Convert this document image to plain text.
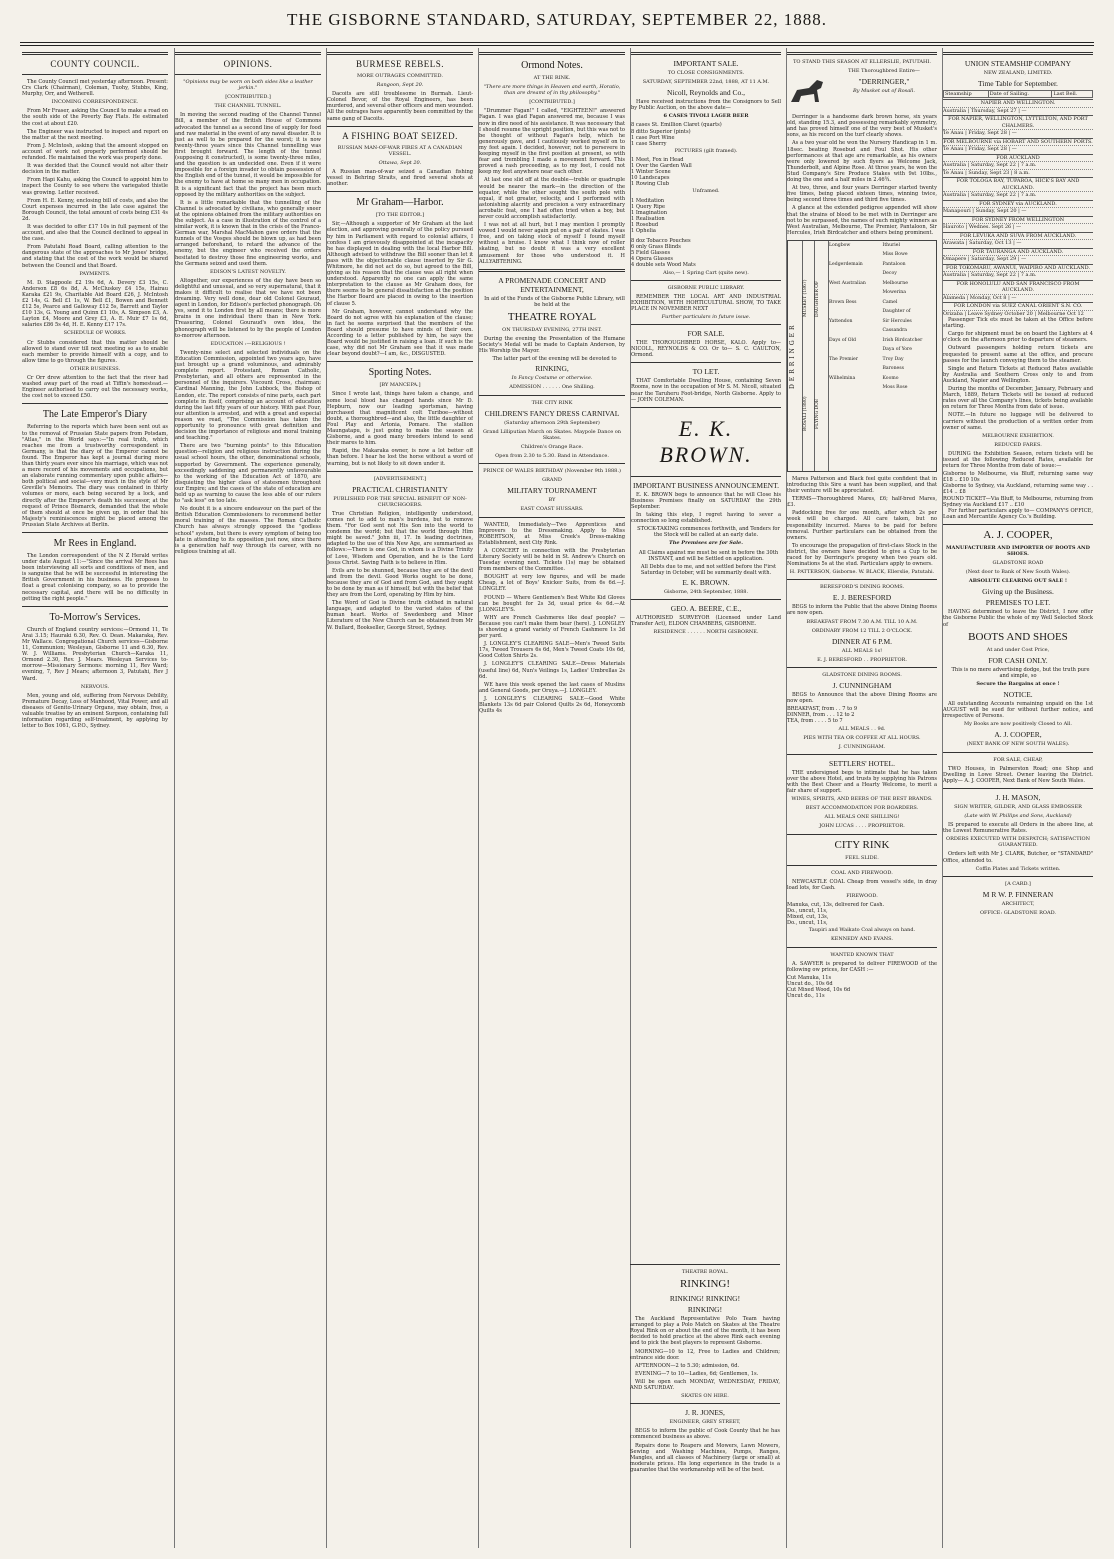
THE GISBORNE STANDARD, SATURDAY, SEPTEMBER 22, 1888.
COUNTY COUNCIL.

The County Council met yesterday afternoon. Present: Crs Clark (Chairman), Coleman, Tuohy, Stubbs, King, Murphy, Orr, and Wetherell.

INCOMING CORRESPONDENCE.

From Mr Fraser, asking the Council to make a road on the south side of the Poverty Bay Flats. He estimated the cost at about £20.

The Engineer was instructed to inspect and report on the matter at the next meeting.

From J. McIntosh, asking that the amount stopped on account of work not properly performed should be refunded. He maintained the work was properly done.

It was decided that the Council would not alter their decision in the matter.

From Hapi Kahu, asking the Council to appoint him to inspect the County to see where the variegated thistle was growing. Letter received.

From H. E. Kenny, enclosing bill of costs, and also the Court expenses incurred in the late case against the Borough Council, the total amount of costs being £31 4s 2d.

It was decided to offer £17 10s in full payment of the account, and also that the Council declined to appeal in the case.

From Patutahi Road Board, calling attention to the dangerous state of the approaches to Mr Jones' bridge, and stating that the cost of the work would be shared between the Council and that Board.

PAYMENTS.

M. D. Stagpoole £2 19s 6d, A. Devery £3 15s, C. Anderson £8 6s 8d, A. McCluskey £4 15s, Hairau Karaka £21 9s, Charitable Aid Board £26, J. McIntosh £2 14s, G. Bell £1 1s, W. Bell £1, Bowen and Bennett £12 5s, Pearce and Galloway £12 5s, Barrett and Taylor £10 13s, G. Young and Quinn £1 10s, A. Simpson £3, A. Layton £4, Moore and Grey £3, A. E. Muir £7 1s 6d, salaries £86 5s 4d, H. E. Kenny £17 17s.

SCHEDULE OF WORKS.

Cr Stubbs considered that this matter should be allowed to stand over till next meeting so as to enable each member to provide himself with a copy, and to allow time to go through the figures.

OTHER BUSINESS.

Cr Orr drew attention to the fact that the river had washed away part of the road at Tiffin's homestead.—Engineer authorised to carry out the necessary works, the cost not to exceed £50.

The Late Emperor's Diary

Referring to the reports which have been sent out as to the removal of Prussian State papers from Potsdam, "Atlas," in the World says:—"In real truth, which reaches me from a trustworthy correspondent in Germany, is that the diary of the Emperor cannot be found. The Emperor has kept a journal during more than thirty years ever since his marriage, which was not a mere record of his movements and occupations, but an elaborate running commentary upon public affairs—both political and social—very much in the style of Mr Greville's Memoirs. The diary was contained in thirty volumes or more, each being secured by a lock, and directly after the Emperor's death his successor, at the request of Prince Bismarck, demanded that the whole of them should at once be given up, in order that his Majesty's reminiscences might be placed among the Prussian State Archives at Berlin.

Mr Rees in England.

The London correspondent of the N Z Herald writes under date August 11:—"Since the arrival Mr Rees has been interviewing all sorts and conditions of men, and is sanguine that he will be successful in interesting the British Government in his business. He proposes to float a great colonising company, so as to provide the necessary capital, and there will be no difficulty in getting the right people."

To-Morrow's Services.

Church of England country services:—Ormond 11, Te Arai 3.15; Hauraki 6.30, Rev. O. Dean. Makaraka, Rev. Mr Wallace. Congregational Church services—Gisborne 11, Communion; Wesleyan, Gisborne 11 and 6.30, Rev. W. J. Williams. Presbyterian Church—Karaka 11, Ormond 2.30, Rev. J. Mears. Wesleyan Services to-morrow—Missionary Sermons: morning 11, Rev Ward; evening, 7, Rev J Mears; afternoon 3, Patutahi, Rev J Ward.

NERVOUS.

Men, young and old, suffering from Nervous Debility, Premature Decay, Loss of Manhood, Vital Power, and all diseases of Genito-Urinary Organs, may obtain, free, a valuable treatise by an eminent Surgeon, containing full information regarding self-treatment, by applying by letter to Box 1061, G.P.O., Sydney.

OPINIONS.
"Opinions may be worn on both sides like a leather jerkin."
[CONTRIBUTED.]
THE CHANNEL TUNNEL.

In moving the second reading of the Channel Tunnel Bill, a member of the British House of Commons advocated the tunnel as a second line of supply for food and raw material in the event of any naval disaster. It is just as well to be prepared for the worst; it is now twenty-three years since this Channel tunnelling was first brought forward. The length of the tunnel (supposing it constructed), is some twenty-three miles, and the question is an undecided one. Even if it were impossible for a foreign invader to obtain possession of the English end of the tunnel, it would be impossible for the enemy to have at home so many men in occupation. It is a significant fact that the project has been much opposed by the military authorities on the subject.

It is a little remarkable that the tunnelling of the Channel is advocated by civilians, who generally sneer at the opinions obtained from the military authorities on the subject. As a case in illustration of the control of a similar work, it is known that in the crisis of the Franco-German war, Marshal MacMahon gave orders that the tunnels of the Vosges should be blown up, as had been arranged beforehand, to retard the advance of the enemy, but the engineer who received the orders hesitated to destroy those fine engineering works, and the Germans seized and used them.

EDISON'S LATEST NOVELTY.

Altogether, our experiences of the day have been so delightful and unusual, and so very supernatural, that it makes it difficult to realise that we have not been dreaming. Very well done, dear old Colonel Gouraud, agent in London, for Edison's perfected phonograph. Oh yes, send it to London first by all means; there is more brains in one individual there than in New York. Treasuring, Colonel Gouraud's own idea, the phonograph will be listened to by the people of London to-morrow afternoon.

EDUCATION :—RELIGIOUS !

Twenty-nine select and selected individuals on the Education Commission, appointed two years ago, have just brought up a grand voluminous, and admirably complete report. Protestant, Roman Catholic, Presbyterian, and all others are represented in the personnel of the inquirers. Viscount Cross, chairman; Cardinal Manning, the John Lubbock, the Bishop of London, etc. The report consists of nine parts, each part complete in itself, comprising an account of education during the last fifty years of our history. With past Four, our attention is arrested, and with a great and especial reason we read, "The Commission has taken the opportunity to pronounce with great definition and decision the importance of religious and moral training and teaching."

There are two "burning points" to this Education question—religion and religious instruction during the usual school hours, the other, denominational schools, supported by Government. The experience generally, exceedingly saddening and permanently unfavourable to the working of the Education Act of 1870, are disquieting the higher class of statesmen throughout our Empire; and the cases of the state of education are held up as warning to cause the less able of our rulers to "ask less" on too late.

No doubt it is a sincere endeavour on the part of the British Education Commissioners to recommend better moral training of the masses. The Roman Catholic Church has always strongly opposed the "godless school" system, but there is every symptom of being too late in attending to its opposition just now, since there is a generation half way through its career, with no religious training at all.

BURMESE REBELS.
MORE OUTRAGES COMMITTED.
Rangoon, Sept 20.

Dacoits are still troublesome in Burmah. Lieut-Colonel Bevor, of the Royal Engineers, has been murdered, and several other officers and men wounded. All the outrages have apparently been committed by the same gang of Dacoits.

A FISHING BOAT SEIZED.
RUSSIAN MAN-OF-WAR FIRES AT A CANADIAN VESSEL.
Ottawa, Sept 20.

A Russian man-of-war seized a Canadian fishing vessel in Behring Straits, and fired several shots at another.

Mr Graham—Harbor.
[TO THE EDITOR.]

Sir,—Although a supporter of Mr Graham at the last election, and approving generally of the policy pursued by him in Parliament with regard to colonial affairs, I confess I am grievously disappointed at the incapacity he has displayed in dealing with the local Harbor Bill. Although advised to withdraw the Bill sooner than let it pass with the objectionable clause inserted by Sir G. Whitmore, he did not act do so, but agreed to the Bill, giving as his reason that the clause was all right when understood. Apparently no one can apply the same interpretation to the clause as Mr Graham does, for there seems to be general dissatisfaction at the position the Harbor Board are placed in owing to the insertion of clause 5.

Mr Graham, however, cannot understand why the Board do not agree with his explanation of the clause; in fact he seems surprised that the members of the Board should presume to have minds of their own. According to a letter published by him, he says the Board would be justified in raising a loan. If such is the case, why did not Mr Graham see that it was made clear beyond doubt?—I am, &c., DISGUSTED.

Sporting Notes.
[BY MANCEPA.]

Since I wrote last, things have taken a change, and some local blood has changed hands since Mr D. Hepburn, now our leading sportsman, having purchased that magnificent colt Turiboe—without doubt, a thoroughbred—and also, the little daughter of Foul Play and Artonia, Pomare. The stallion Maungatapu, is just going to make the season at Gisborne, and a good many breeders intend to send their mares to him.

Rapid, the Makaraka owner, is now a lot better off than before. I hear he lost the horse without a word of warning, but is not likely to sit down under it.

[ADVERTISEMENT.]
PRACTICAL CHRISTIANITY
PUBLISHED FOR THE SPECIAL BENEFIT OF NON-CHURCHGOERS.

True Christian Religion, intelligently understood, comes not to add to man's burdens, but to remove them. "For God sent not His Son into the world to condemn the world; but that the world through Him might be saved." John iii, 17. In leading doctrines, adapted to the use of this New Age, are summarised as follows:—There is one God, in whom is a Divine Trinity of Love, Wisdom and Operation, and he is the Lord Jesus Christ. Saving Faith is to believe in Him.

Evils are to be shunned, because they are of the devil and from the devil. Good Works ought to be done, because they are of God and from God, and they ought to be done by man as if himself, but with the belief that they are from the Lord, operating by Him by him.

The Word of God is Divine truth clothed in natural language, and adapted to the varied states of the human heart. Works of Swedenborg and Minor Literature of the New Church can be obtained from Mr W. Bullard, Bookseller, George Street, Sydney.

Ormond Notes.
AT THE RINK.
"There are more things in Heaven and earth, Horatio, than are dreamt of in thy philosophy."
[CONTRIBUTED.]

"Drummer Fagan!" I called, "EIGHTEEN!" answered Fagan. I was glad Fagan answered me, because I was now in dire need of his assistance. It was necessary that I should resume the upright position, but this was not to be thought of without Fagan's help, which he generously gave, and I cautiously worked myself on to my feet again. I decided, however, not to persevere in keeping myself in the first position at present, so with fear and trembling I made a movement forward. This proved a rash proceeding, as to my feet, I could not keep my feet anywhere near each other.

At last one slid off at the double—treble or quadruple would be nearer the mark—in the direction of the equator, while the other sought the south pole with equal, if not greater, velocity, and I performed with astonishing alacrity and precision a very extraordinary acrobatic feat, one I had often tried when a boy, but never could accomplish satisfactorily.

I was not at all hurt, but I may mention I promptly vowed I would never again put on a pair of skates. I was free, and on taking stock of myself I found myself without a bruise. I know what I think now of roller skating, but no doubt it was a very excellent amusement for those who understood it. H ALLYABTERING.

A PROMENADE CONCERT AND ENTERTAINMENT,

In aid of the Funds of the Gisborne Public Library, will be held at the

THEATRE ROYAL
ON THURSDAY EVENING, 27TH INST.

During the evening the Presentation of the Humane Society's Medal will be made to Captain Anderson, by His Worship the Mayor.

The latter part of the evening will be devoted to

RINKING,
In Fancy Costume or otherwise.
ADMISSION . . . . . . One Shilling.
THE CITY RINK
CHILDREN'S FANCY DRESS CARNIVAL
(Saturday afternoon 29th September)
Grand Lilliputian March on Skates. Maypole Dance on Skates.
Children's Orange Race.
Open from 2.30 to 5.30. Band in Attendance.
PRINCE OF WALES BIRTHDAY (November 9th 1888.)
GRAND
MILITARY TOURNAMENT
BY
EAST COAST HUSSARS.

WANTED, Immediately—Two Apprentices and Improvers to the Dressmaking. Apply to Miss ROBERTSON, at Miss Creek's Dress-making Establishment, next City Rink.

A CONCERT in connection with the Presbyterian Literary Society will be held in St. Andrew's Church on Tuesday evening next. Tickets (1s) may be obtained from members of the Committee.

BOUGHT at very low figures, and will be made Cheap, a lot of Boys' Knicker Suits, from 6s 6d.—J. LONGLEY.

FOUND — Where Gentlemen's Best White Kid Gloves can be bought for 2s 3d, usual price 4s 6d.—At J.LONGLEY'S.

WHY are French Cashmeres like deaf people? — Because you can't make them hear (here). J. LONGLEY is showing a grand variety of French Cashmere 1s 3d per yard.

J. LONGLEY'S CLEARING SALE—Men's Tweed Suits 17s, Tweed Trousers 6s 6d, Men's Tweed Coats 10s 6d, Good Cotton Shirts 2s.

J. LONGLEY'S CLEARING SALE—Dress Materials (useful line) 6d, Nun's Veilings 1s, Ladies' Umbrellas 2s 6d.

WE have this week opened the last cases of Muslins and General Goods, per Oruya.—J. LONGLEY.

J. LONGLEY'S CLEARING SALE—Good White Blankets 13s 6d pair Colored Quilts 2s 6d, Honeycomb Quilts 4s

IMPORTANT SALE.
TO CLOSE CONSIGNMENTS.
SATURDAY, SEPTEMBER 22nd, 1888, AT 11 A.M.
Nicoll, Reynolds and Co.,

Have received instructions from the Consignors to Sell by Public Auction, on the above date—

6 CASES TIVOLI LAGER BEER
8 cases St. Emillion Claret (quarts)
8 ditto Superior (pints)
1 case Port Wine
1 case Sherry
PICTURES (gilt framed).
1 Meet, Fox in Head
1 Over the Garden Wall
1 Winter Scene
10 Landscapes
1 Rowing Club
Unframed.
1 Meditation
1 Query Ripe
1 Imagination
1 Realisation
1 Rosebud
1 Ophelia
8 doz Tobacco Pouches
6 only Grass Blinds
5 Field Glasses
4 Opera Glasses
4 double sets Wood Mats
Also,— 1 Spring Cart (quite new).
GISBORNE PUBLIC LIBRARY.

REMEMBER THE LOCAL ART AND INDUSTRIAL EXHIBITION, WITH HORTICULTURAL SHOW, TO TAKE PLACE IN NOVEMBER NEXT

Further particulars in future issue.
FOR SALE.

THE THOROUGHBRED HORSE, KALO. Apply to— NICOLL, REYNOLDS & CO. Or to— S. C. CAULTON, Ormond.

TO LET.

THAT Comfortable Dwelling House, containing Seven Rooms, now in the occupation of Mr S. M. Nicoll, situated near the Taruheru Foot-bridge, North Gisborne. Apply to— JOHN COLEMAN.

E. K. BROWN.
IMPORTANT BUSINESS ANNOUNCEMENT.

E. K. BROWN begs to announce that he will Close his Business Premises finally on SATURDAY the 29th September.

In taking this step, I regret having to sever a connection so long established.

STOCK-TAKING commences forthwith, and Tenders for the Stock will be called at an early date.

The Premises are for Sale.

All Claims against me must be sent in before the 30th INSTANT, and will be Settled on application.

All Debts due to me, and not settled before the First Saturday in October, will be summarily dealt with.

E. K. BROWN.
Gisborne, 24th September, 1888.
GEO. A. BEERE, C.E.,

AUTHORISED SURVEYOR (Licensed under Land Transfer Act), ELDON CHAMBERS, GISBORNE.

RESIDENCE . . . . . . NORTH GISBORNE.
TO STAND THIS SEASON AT ELLERSLIE, PATUTAHI.
THE Thoroughbred Entire—
"DERRINGER,"
By Musket out of Rosalì.

Derringer is a handsome dark brown horse, six years old, standing 15.3, and possessing remarkably symmetry, and has proved himself one of the very best of Musket's sons, as his record on the turf clearly shows.

As a two year old he won the Nursery Handicap in 1 m. 18sec. beating Rosebud and Foul Shot. His other performances at that age are remarkable, as his owners were only lowered by such flyers as Welcome Jack, Thunderbolt, and Alpine Rose. At three years, he won the Stud Company's Sire Produce Stakes with 9st 10lbs., doing the one and a half miles in 2.46¾.

At two, three, and four years Derringer started twenty five times, being placed sixteen times, winning twice, being second three times and third five times.

A glance at the extended pedigree appended will show that the strains of blood to be met with in Derringer are not to be surpassed, the names of such mighty winners as West Australian, Melbourne, The Premier, Pantaloon, Sir Hercules, Irish Birdcatcher and others being prominent.

DERRINGER
MUSKET (1867)
ROSALI (1880)
DAUGHTER OF
FLYING DOE
Longbow	Ithuriel
Miss Bowe
Ledgerdemain	Pantaloon
Decoy
West Australian	Melbourne
Mowerina
Brown Bess	Camel
Daughter of
Yattendon	Sir Hercules
Cassandra
Days of Old	Irish Birdcatcher
Daya of Yore
The Premier	Troy Day
Baroness
Wilhelmina	Koomo
Moss Rose

Mares Patterson and Black feel quite confident that in introducing this Sire a want has been supplied, and that their venture will be appreciated.

TERMS—Thoroughbred Mares, £6; half-bred Mares, £3.

Paddocking free for one month, after which 2s per week will be charged. All care taken, but no responsibility incurred. Mares to be paid for before removal. Further particulars can be obtained from the owners.

To encourage the propagation of first-class Stock in the district, the owners have decided to give a Cup to be raced for by Derringer's progeny when two years old. Nominations 5s at the stud. Particulars apply to owners.

H. PATTERSON, Gisborne. W. BLACK, Ellerslie, Patutahi.
BERESFORD'S DINING ROOMS.
E. J. BERESFORD

BEGS to inform the Public that the above Dining Rooms are now open.

BREAKFAST FROM 7.30 A.M. TILL 10 A.M.
ORDINARY FROM 12 TILL 2 O'CLOCK.
DINNER AT 6 P.M.
ALL MEALS 1s!
E. J. BERESFORD . . PROPRIETOR.
GLADSTONE DINING ROOMS.
J. CUNNINGHAM

BEGS to Announce that the above Dining Rooms are now open.

BREAKFAST, from . . 7 to 9
DINNER, from . . . 12 to 2
TEA, from . . . . 5 to 7
ALL MEALS . . 9d.
PIES WITH TEA OR COFFEE AT ALL HOURS.
J. CUNNINGHAM.
SETTLERS' HOTEL.

THE undersigned begs to intimate that he has taken over the above Hotel, and trusts by supplying his Patrons with the Best Cheer and a Hearty Welcome, to merit a fair share of support.

WINES, SPIRITS, AND BEERS OF THE BEST BRANDS.
BEST ACCOMMODATION FOR BOARDERS.
ALL MEALS ONE SHILLING!
JOHN LUCAS . . . . PROPRIETOR.
CITY RINK
FEEL SLIDE.
COAL AND FIREWOOD.

NEWCASTLE COAL Cheap from vessel's side, in dray load lots, for Cash.

FIREWOOD.
Manuka, cut, 13s, delivered for Cash.
Do., uncut, 11s,
Mixed, cut, 13s,
Do., uncut, 11s,
Taupiri and Waikato Coal always on hand.
KENNEDY AND EVANS.
WANTED KNOWN THAT

A. SAWYER is prepared to deliver FIREWOOD of the following ow prices, for CASH :—

Cut Manuka, 11s
Uncut do., 10s 6d
Cut Mixed Wood, 10s 6d
Uncut do., 11s
UNION STEAMSHIP COMPANY
NEW ZEALAND, LIMITED.
Time Table for September.
Steamship	Date of Sailing.	Last Bell.
NAPIER AND WELLINGTON.
Australia | Thursday, Sept 27 | —
FOR NAPIER, WELLINGTON, LYTTELTON, AND PORT CHALMERS.
Te Anau | Friday, Sept 28 | —
FOR MELBOURNE via HOBART AND SOUTHERN PORTS.
Te Anau | Friday, Sept 28 | —
FOR AUCKLAND
Australia | Saturday, Sept 22 | 7 a.m.
Te Anau | Sunday, Sept 23 | 8 a.m.
FOR TOLOGA BAY, TUPAROA, HICK'S BAY AND AUCKLAND.
Australia | Saturday, Sept 22 | 7 a.m.
FOR SYDNEY via AUCKLAND.
Manapouri | Sunday, Sept 20 | —
FOR SYDNEY FROM WELLINGTON
Hauroto | Wednes. Sept 26 | —
FOR LEVUKA AND SUVA FROM AUCKLAND.
Arawata | Saturday, Oct 13 | —
FOR TAURANGA AND AUCKLAND.
Omapere | Saturday, Sept 29 | —
FOR TOKOMARU, AWANUI, WAIPIRO AND AUCKLAND.
Australia | Saturday, Sept 22 | 7 a.m.
FOR HONOLULU AND SAN FRANCISCO FROM AUCKLAND.
Alameda | Monday, Oct 8 | —
FOR LONDON via SUEZ CANAL ORIENT S.N. CO.
Orizaba | Leave Sydney October 20 | Melbourne Oct 12

Passenger Tick ets must be taken at the Office before starting.

Cargo for shipment must be on board the Lighters at 4 o'clock on the afternoon prior to departure of steamers.

Outward passengers holding return tickets are requested to present same at the office, and procure passes for the launch conveying them to the steamer.

Single and Return Tickets at Reduced Rates available by Australia and Southern Cross only to and from Auckland, Napier and Wellington.

During the months of December, January, February and March, 1889, Return Tickets will be issued at reduced rates over all the Company's lines, tickets being available on return for Three Months from date of issue.

NOTE.—In future no luggage will be delivered to carriers without the production of a written order from owner of same.

MELBOURNE EXHIBITION.
REDUCED FARES.

DURING the Exhibition Season, return tickets will be issued at the following Reduced Rates, available for return for Three Months from date of issue:—

Gisborne to Melbourne, via Bluff, returning same way £18 .. £10 10s
Gisborne to Sydney, via Auckland, returning same way . . £14 .. £8
ROUND TICKET—Via Bluff, to Melbourne, returning from Sydney via Auckland £17 .. £10

For further particulars apply to— COMPANY'S OFFICE, Loan and Mercantile Agency Co.'s Building.

A. J. COOPER,
MANUFACTURER AND IMPORTER OF BOOTS AND SHOES.
GLADSTONE ROAD
(Next door to Bank of New South Wales).
ABSOLUTE CLEARING OUT SALE !
Giving up the Business.
PREMISES TO LET.

HAVING determined to leave the District, I now offer the Gisborne Public the whole of my Well Selected Stock of

BOOTS AND SHOES
At and under Cost Price,
FOR CASH ONLY.

This is no mere advertising dodge, but the truth pure and simple, so

Secure the Bargains at once !
NOTICE.

All outstanding Accounts remaining unpaid on the 1st AUGUST will be sued for without further notice, and irrespective of Persons.

My Books are now positively Closed to All.
A. J. COOPER,
(NEXT BANK OF NEW SOUTH WALES).
FOR SALE, CHEAP,

TWO Houses, in Palmerston Road; one Shop and Dwelling in Lowe Street. Owner leaving the District. Apply— A. J. COOPER, Next Bank of New South Wales.

J. H. MASON,
SIGN WRITER, GILDER, AND GLASS EMBOSSER
(Late with W. Phillips and Sons, Auckland)

IS prepared to execute all Orders in the above line, at the Lowest Remunerative Rates.

ORDERS EXECUTED WITH DESPATCH; SATISFACTION GUARANTEED.

Orders left with Mr J. CLARK, Butcher, or "STANDARD" Office, attended to.

Coffin Plates and Tickets written.
[A CARD.]
M R W. P. FINNERAN
ARCHITECT,
OFFICE: GLADSTONE ROAD.
THEATRE ROYAL.
RINKING!
RINKING! RINKING!
RINKING!

The Auckland Representative Polo Team having arranged to play a Polo Match on Skates at the Theatre Royal Rink on or about the end of the month, it has been decided to hold practice at the above Rink each evening and to pick the best players to represent Gisborne.

MORNING—10 to 12, Free to Ladies and Children; entrance side door.

AFTERNOON—2 to 5.30; admission, 6d.

EVENING—7 to 10—Ladies, 6d; Gentlemen, 1s.

Will be open each MONDAY, WEDNESDAY, FRIDAY, AND SATURDAY.

SKATES ON HIRE.
J. R. JONES,
ENGINEER, GREY STREET,

BEGS to inform the public of Cook County that he has commenced business as above.

Repairs done to Reapers and Mowers, Lawn Mowers, Sewing and Washing Machines, Pumps, Ranges, Mangles, and all classes of Machinery (large or small) at moderate prices. His long experience in the trade is a guarantee that the workmanship will be of the best.
